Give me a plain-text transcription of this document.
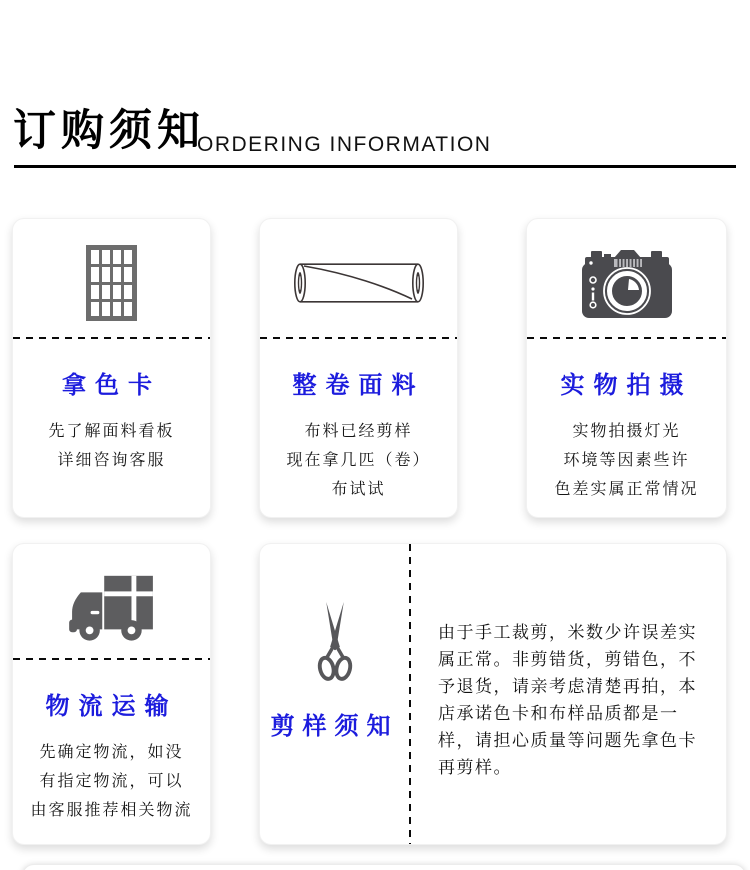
订购须知
ORDERING INFORMATION
拿色卡
先了解面料看板
详细咨询客服
整卷面料
布料已经剪样
现在拿几匹（卷）
布试试
实物拍摄
实物拍摄灯光
环境等因素些许
色差实属正常情况
物流运输
先确定物流，如没
有指定物流，可以
由客服推荐相关物流
剪样须知

由于手工裁剪，米数少许误差实属正常。非剪错货，剪错色，不予退货，请亲考虑清楚再拍，本店承诺色卡和布样品质都是一样，请担心质量等问题先拿色卡再剪样。
